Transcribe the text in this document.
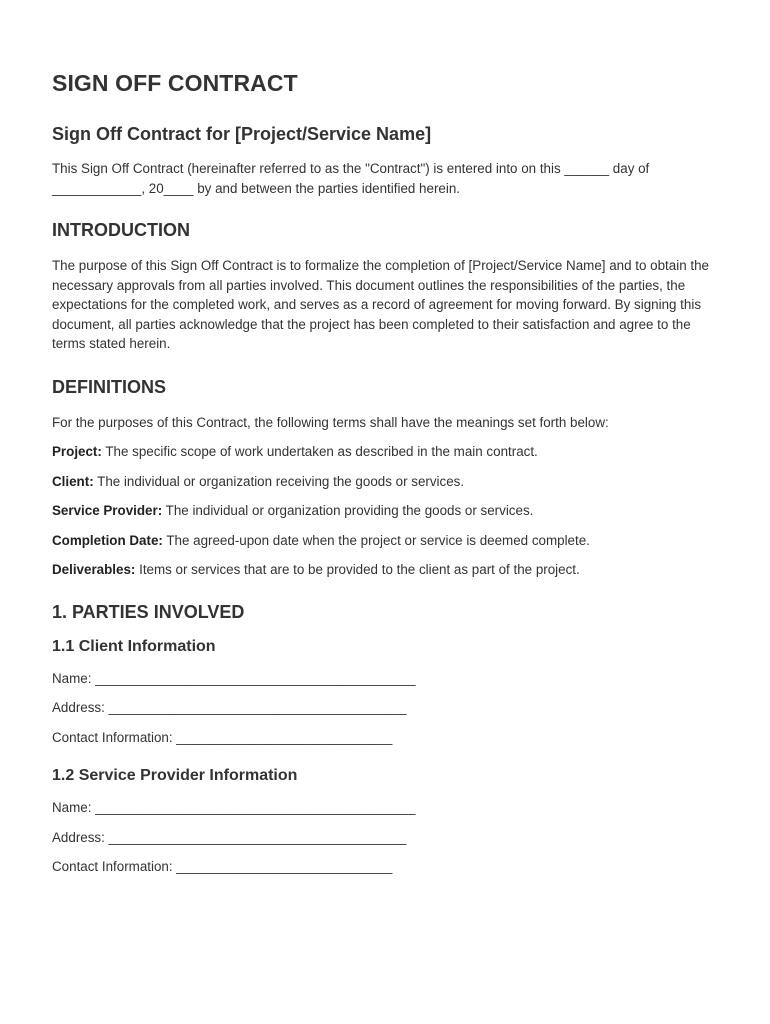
SIGN OFF CONTRACT
Sign Off Contract for [Project/Service Name]

This Sign Off Contract (hereinafter referred to as the "Contract") is entered into on this ______ day of ____________, 20____ by and between the parties identified herein.

INTRODUCTION

The purpose of this Sign Off Contract is to formalize the completion of [Project/Service Name] and to obtain the necessary approvals from all parties involved. This document outlines the responsibilities of the parties, the expectations for the completed work, and serves as a record of agreement for moving forward. By signing this document, all parties acknowledge that the project has been completed to their satisfaction and agree to the terms stated herein.

DEFINITIONS

For the purposes of this Contract, the following terms shall have the meanings set forth below:

Project: The specific scope of work undertaken as described in the main contract.

Client: The individual or organization receiving the goods or services.

Service Provider: The individual or organization providing the goods or services.

Completion Date: The agreed-upon date when the project or service is deemed complete.

Deliverables: Items or services that are to be provided to the client as part of the project.

1. PARTIES INVOLVED
1.1 Client Information

Name: ___________________________________________

Address: ________________________________________

Contact Information: _____________________________

1.2 Service Provider Information

Name: ___________________________________________

Address: ________________________________________

Contact Information: _____________________________
